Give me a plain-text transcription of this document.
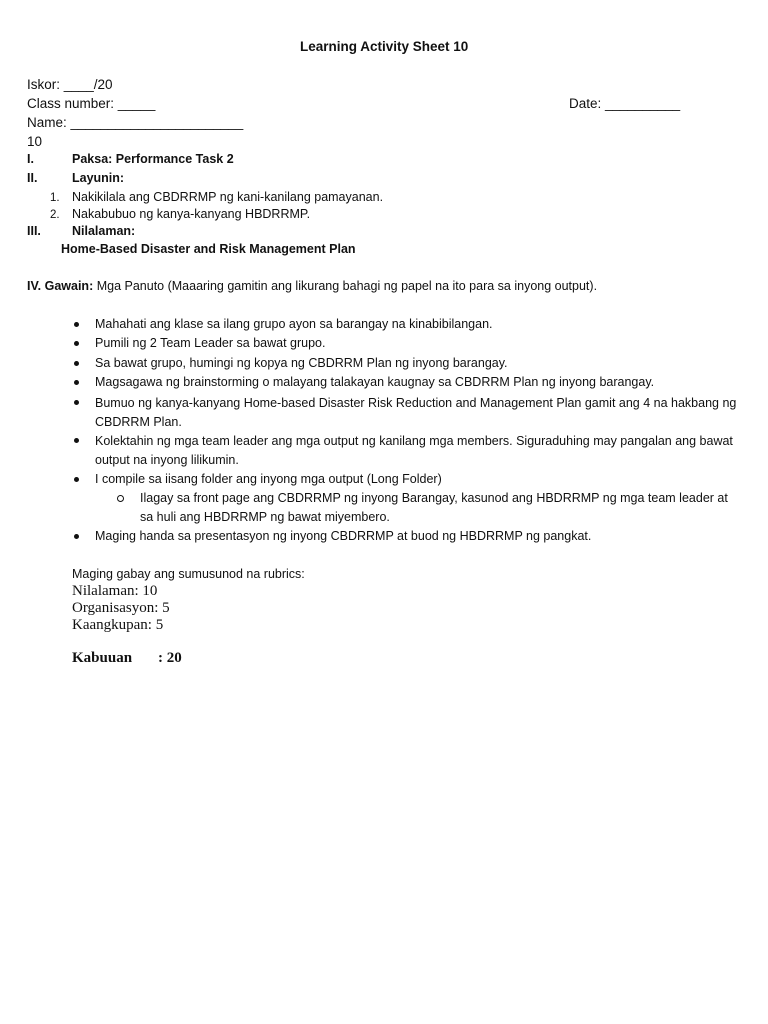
Learning Activity Sheet 10
Iskor: ____/20
Class number: _____	Date: __________
Name: _______________________
10
I.	Paksa: Performance Task 2
II.	Layunin:
1. Nakikilala ang CBDRRMP ng kani-kanilang pamayanan.
2. Nakabubuo ng kanya-kanyang HBDRRMP.
III. Nilalaman:
Home-Based Disaster and Risk Management Plan
IV. Gawain: Mga Panuto (Maaaring gamitin ang likurang bahagi ng papel na ito para sa inyong output).
Mahahati ang klase sa ilang grupo ayon sa barangay na kinabibilangan.
Pumili ng 2 Team Leader sa bawat grupo.
Sa bawat grupo, humingi ng kopya ng CBDRRM Plan ng inyong barangay.
Magsagawa ng brainstorming o malayang talakayan kaugnay sa CBDRRM Plan ng inyong barangay.
Bumuo ng kanya-kanyang Home-based Disaster Risk Reduction and Management Plan gamit ang 4 na hakbang ng CBDRRM Plan.
Kolektahin ng mga team leader ang mga output ng kanilang mga members. Siguraduhing may pangalan ang bawat output na inyong lilikumin.
I compile sa iisang folder ang inyong mga output (Long Folder)
Ilagay sa front page ang CBDRRMP ng inyong Barangay, kasunod ang HBDRRMP ng mga team leader at sa huli ang HBDRRMP ng bawat miyembero.
Maging handa sa presentasyon ng inyong CBDRRMP at buod ng HBDRRMP ng pangkat.
Maging gabay ang sumusunod na rubrics:
Nilalaman: 10
Organisasyon: 5
Kaangkupan: 5
Kabuuan : 20
